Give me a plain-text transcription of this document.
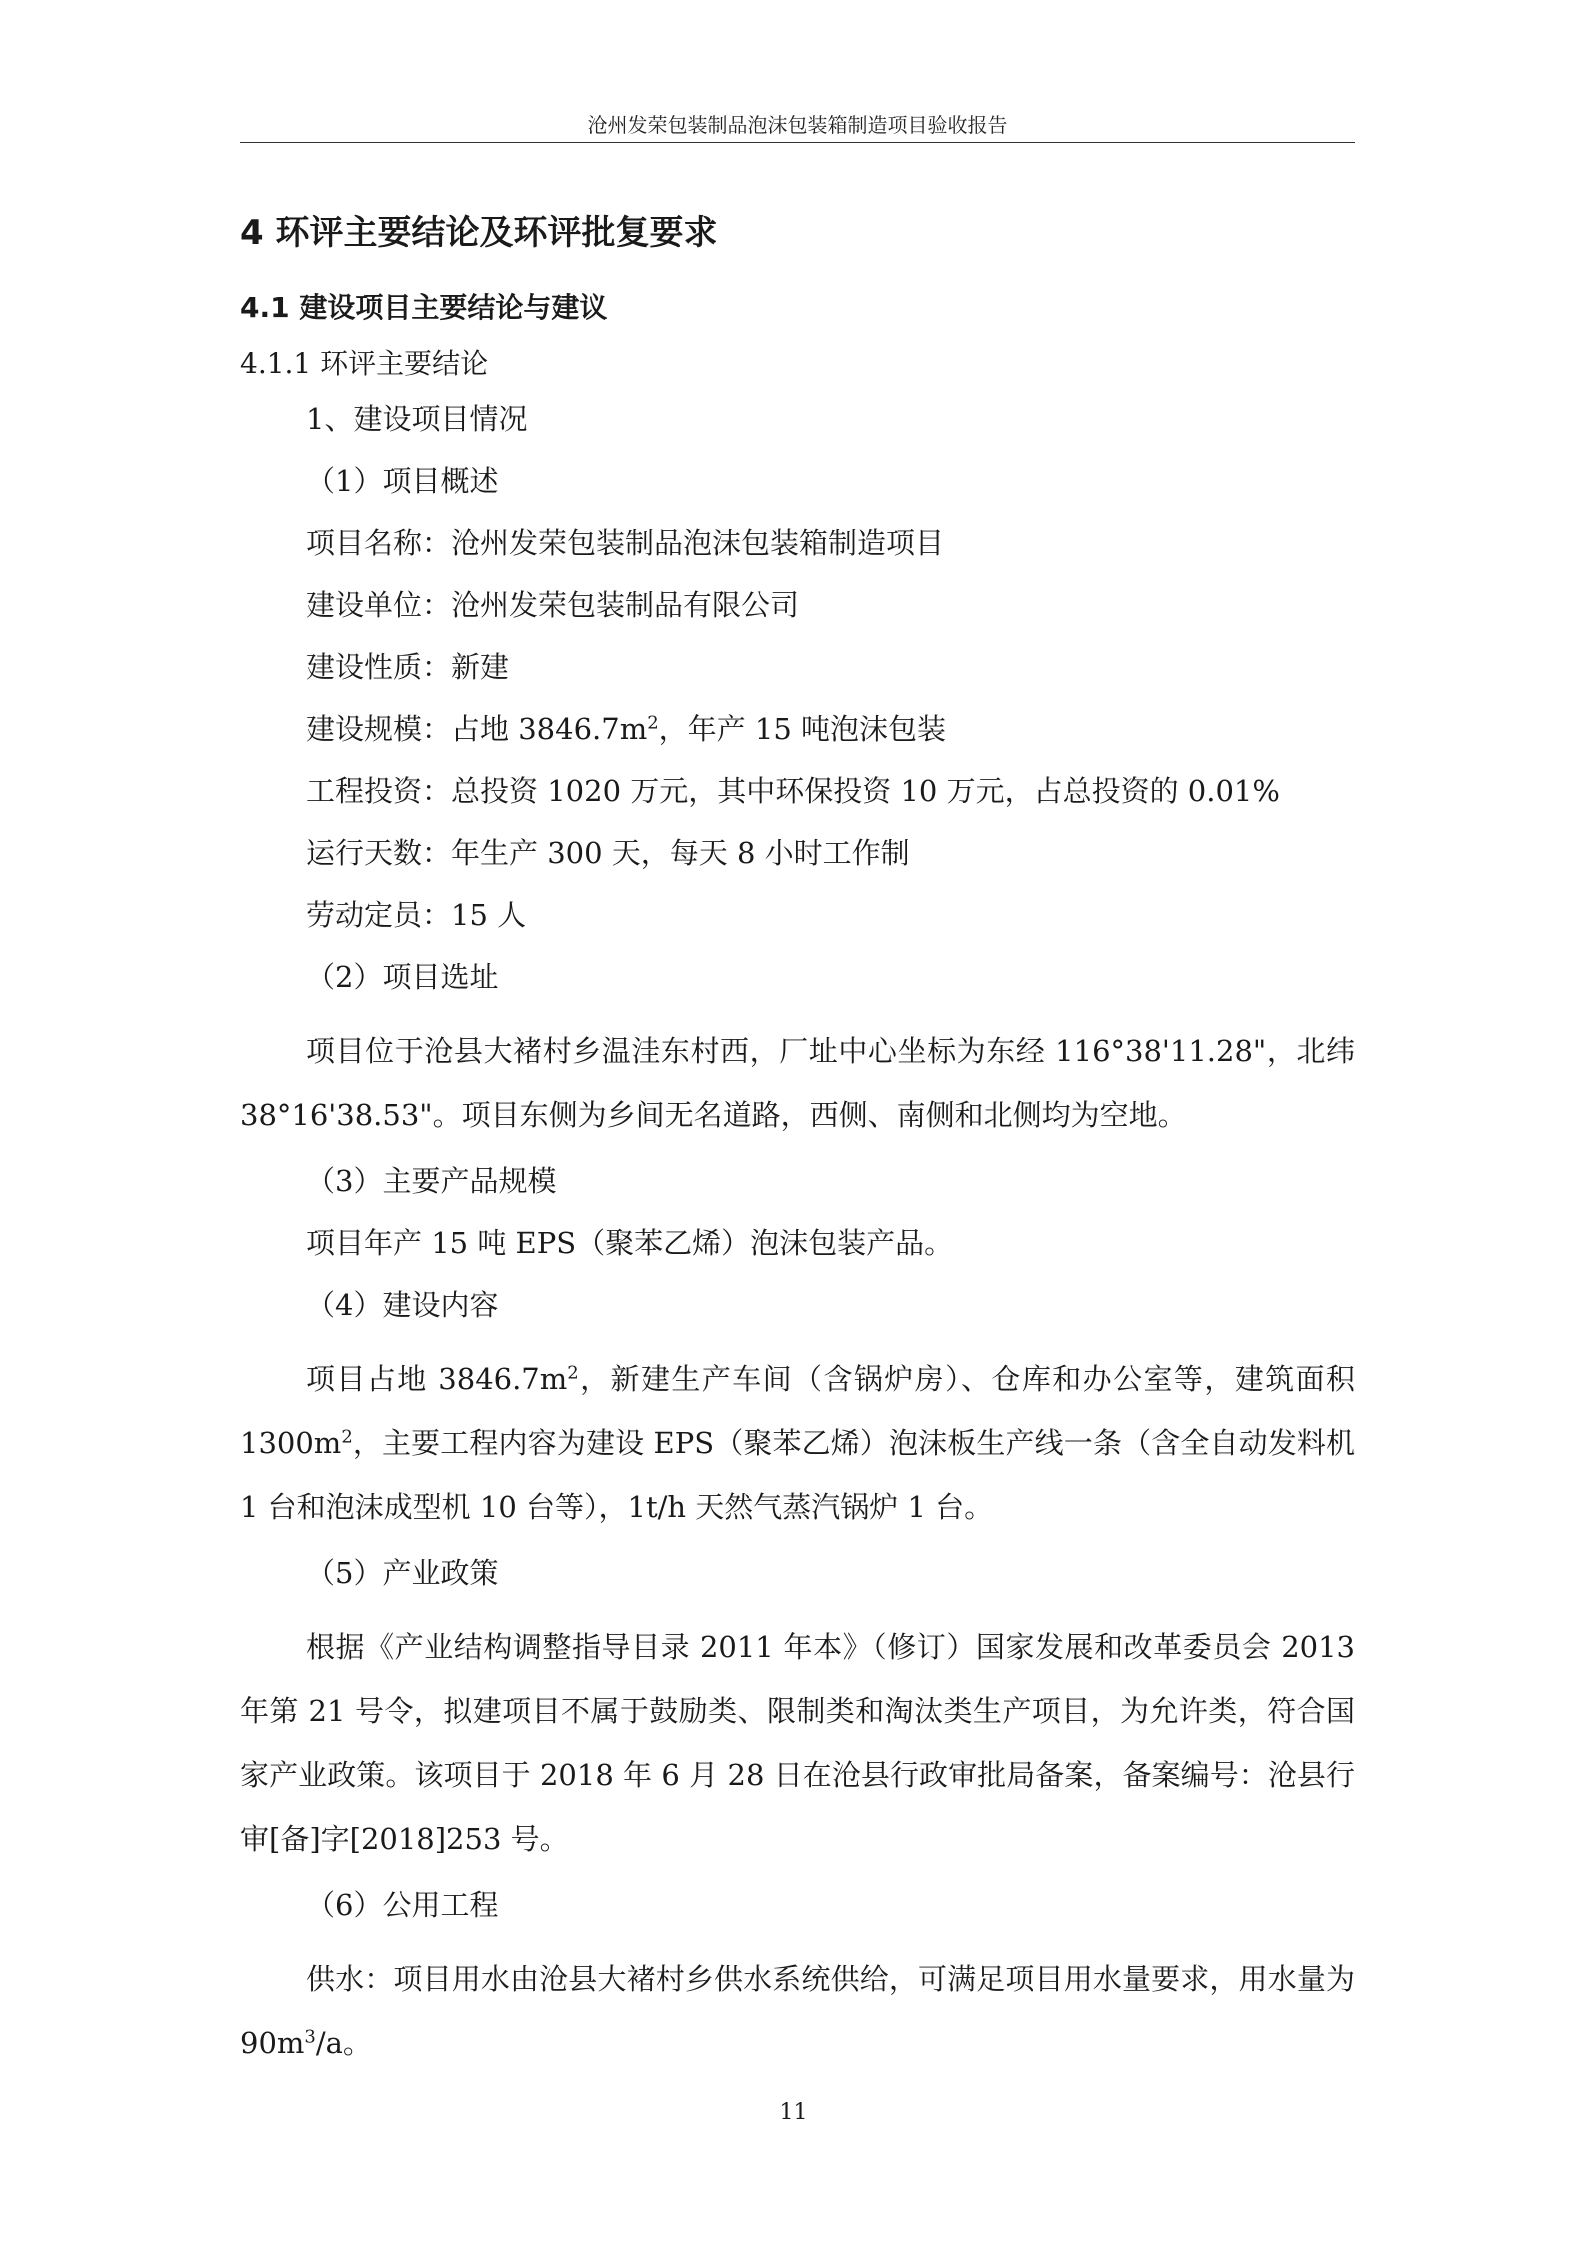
沧州发荣包装制品泡沫包装箱制造项目验收报告
4 环评主要结论及环评批复要求
4.1 建设项目主要结论与建议
4.1.1 环评主要结论

1、建设项目情况

（1）项目概述

项目名称：沧州发荣包装制品泡沫包装箱制造项目

建设单位：沧州发荣包装制品有限公司

建设性质：新建

建设规模：占地 $3846.7m^2$，年产 15 吨泡沫包装

工程投资：总投资 1020 万元，其中环保投资 10 万元，占总投资的 0.01%

运行天数：年生产 300 天，每天 8 小时工作制

劳动定员：15 人

（2）项目选址

项目位于沧县大褚村乡温洼东村西，厂址中心坐标为东经 116°38'11.28"，北纬 38°16'38.53"。项目东侧为乡间无名道路，西侧、南侧和北侧均为空地。

（3）主要产品规模

项目年产 15 吨 EPS（聚苯乙烯）泡沫包装产品。

（4）建设内容

项目占地 $3846.7m^2$，新建生产车间（含锅炉房）、仓库和办公室等，建筑面积 $1300m^2$，主要工程内容为建设 EPS（聚苯乙烯）泡沫板生产线一条（含全自动发料机 1 台和泡沫成型机 10 台等），1t/h 天然气蒸汽锅炉 1 台。

（5）产业政策

根据《产业结构调整指导目录 2011 年本》（修订）国家发展和改革委员会 2013 年第 21 号令，拟建项目不属于鼓励类、限制类和淘汰类生产项目，为允许类，符合国家产业政策。该项目于 2018 年 6 月 28 日在沧县行政审批局备案，备案编号：沧县行审[备]字[2018]253 号。

（6）公用工程

供水：项目用水由沧县大褚村乡供水系统供给，可满足项目用水量要求，用水量为 $90m^3/a$。

11
